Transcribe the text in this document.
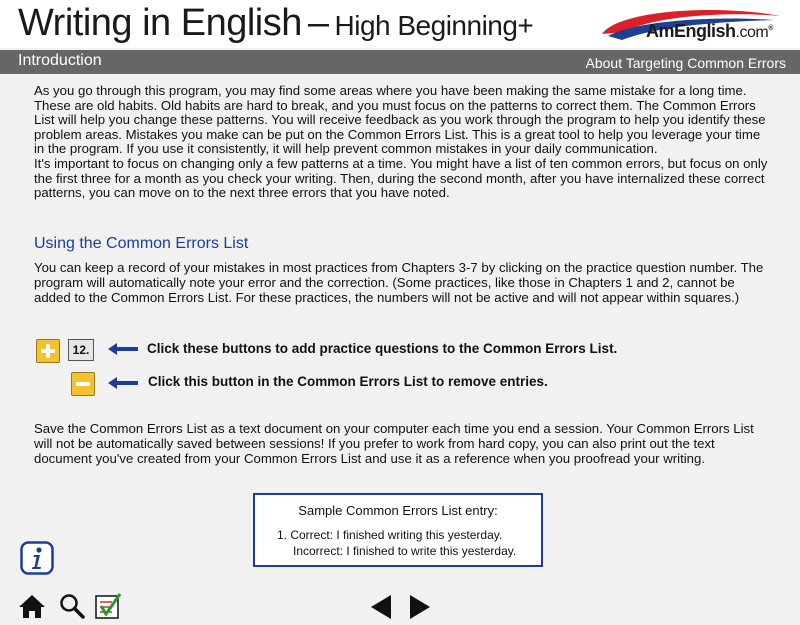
Writing in English – High Beginning+	AmEnglish.com®
Introduction	About Targeting Common Errors

As you go through this program, you may find some areas where you have been making the same mistake for a long time. These are old habits. Old habits are hard to break, and you must focus on the patterns to correct them. The Common Errors List will help you change these patterns. You will receive feedback as you work through the program to help you identify these problem areas. Mistakes you make can be put on the Common Errors List. This is a great tool to help you leverage your time in the program. If you use it consistently, it will help prevent common mistakes in your daily communication.

It's important to focus on changing only a few patterns at a time. You might have a list of ten common errors, but focus on only the first three for a month as you check your writing. Then, during the second month, after you have internalized these correct patterns, you can move on to the next three errors that you have noted.

Using the Common Errors List
You can keep a record of your mistakes in most practices from Chapters 3-7 by clicking on the practice question number. The program will automatically note your error and the correction. (Some practices, like those in Chapters 1 and 2, cannot be added to the Common Errors List. For these practices, the numbers will not be active and will not appear within squares.)
12.	Click these buttons to add practice questions to the Common Errors List.
Click this button in the Common Errors List to remove entries.
Save the Common Errors List as a text document on your computer each time you end a session. Your Common Errors List will not be automatically saved between sessions! If you prefer to work from hard copy, you can also print out the text document you've created from your Common Errors List and use it as a reference when you proofread your writing.
Sample Common Errors List entry:
1. Correct: I finished writing this yesterday.
Incorrect: I finished to write this yesterday.
